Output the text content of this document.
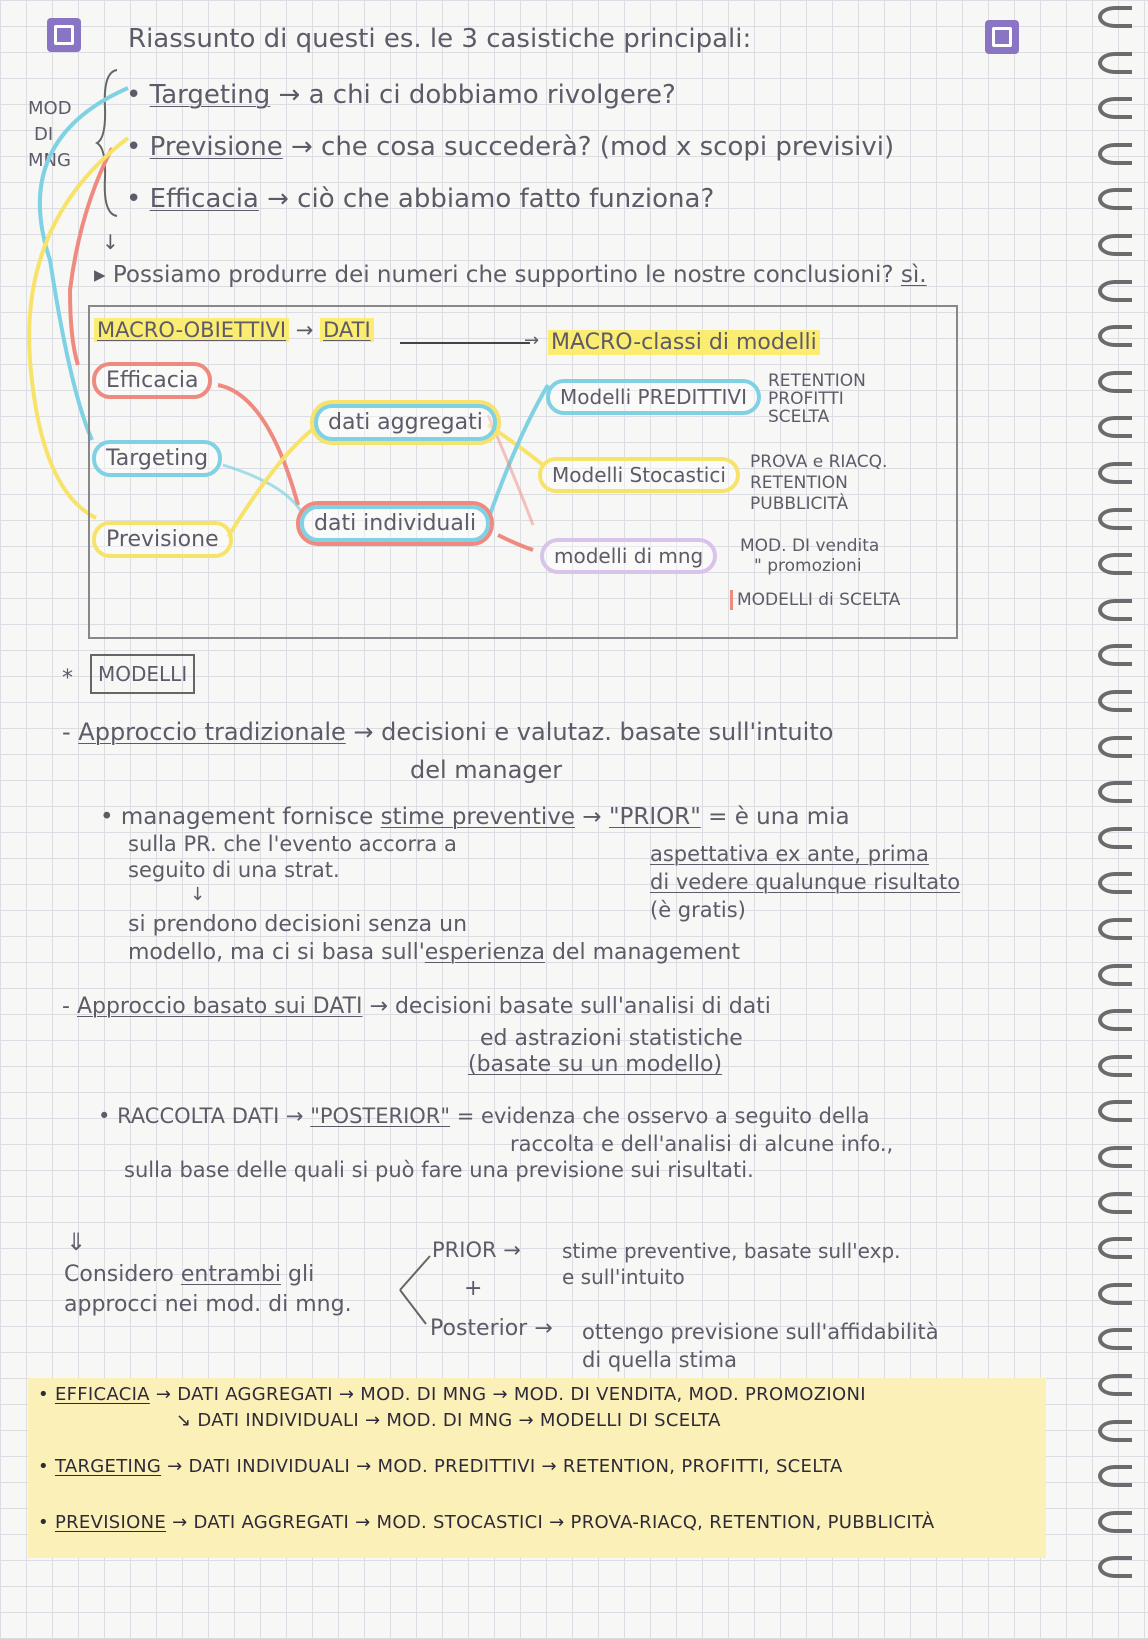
Riassunto di questi es. le 3 casistiche principali:
MOD
DI
MNG
• Targeting → a chi ci dobbiamo rivolgere?
• Previsione → che cosa succederà? (mod x scopi previsivi)
• Efficacia → ciò che abbiamo fatto funziona?
↓
▸ Possiamo produrre dei numeri che supportino le nostre conclusioni? sì.
MACRO-OBIETTIVI → DATI	→ MACRO-classi di modelli
Efficacia
Targeting
Previsione
dati aggregati
dati individuali
Modelli PREDITTIVI
Modelli Stocastici
modelli di mng
RETENTION
PROFITTI
SCELTA
PROVA e RIACQ.
RETENTION
PUBBLICITÀ
MOD. DI vendita
" promozioni
MODELLI di SCELTA
*	MODELLI
- Approccio tradizionale → decisioni e valutaz. basate sull'intuito
del manager
• management fornisce stime preventive → "PRIOR" = è una mia
sulla PR. che l'evento accorra a
seguito di una strat.
aspettativa ex ante, prima
di vedere qualunque risultato
(è gratis)
↓
si prendono decisioni senza un
modello, ma ci si basa sull'esperienza del management
- Approccio basato sui DATI → decisioni basate sull'analisi di dati
ed astrazioni statistiche
(basate su un modello)
• RACCOLTA DATI → "POSTERIOR" = evidenza che osservo a seguito della
raccolta e dell'analisi di alcune info.,
sulla base delle quali si può fare una previsione sui risultati.
⇓
Considero entrambi gli
approcci nei mod. di mng.
PRIOR → stime preventive, basate sull'exp.
e sull'intuito
+
Posterior → ottengo previsione sull'affidabilità
di quella stima
• EFFICACIA → DATI AGGREGATI → MOD. DI MNG → MOD. DI VENDITA, MOD. PROMOZIONI
↘ DATI INDIVIDUALI → MOD. DI MNG → MODELLI DI SCELTA
• TARGETING → DATI INDIVIDUALI → MOD. PREDITTIVI → RETENTION, PROFITTI, SCELTA
• PREVISIONE → DATI AGGREGATI → MOD. STOCASTICI → PROVA-RIACQ, RETENTION, PUBBLICITÀ
